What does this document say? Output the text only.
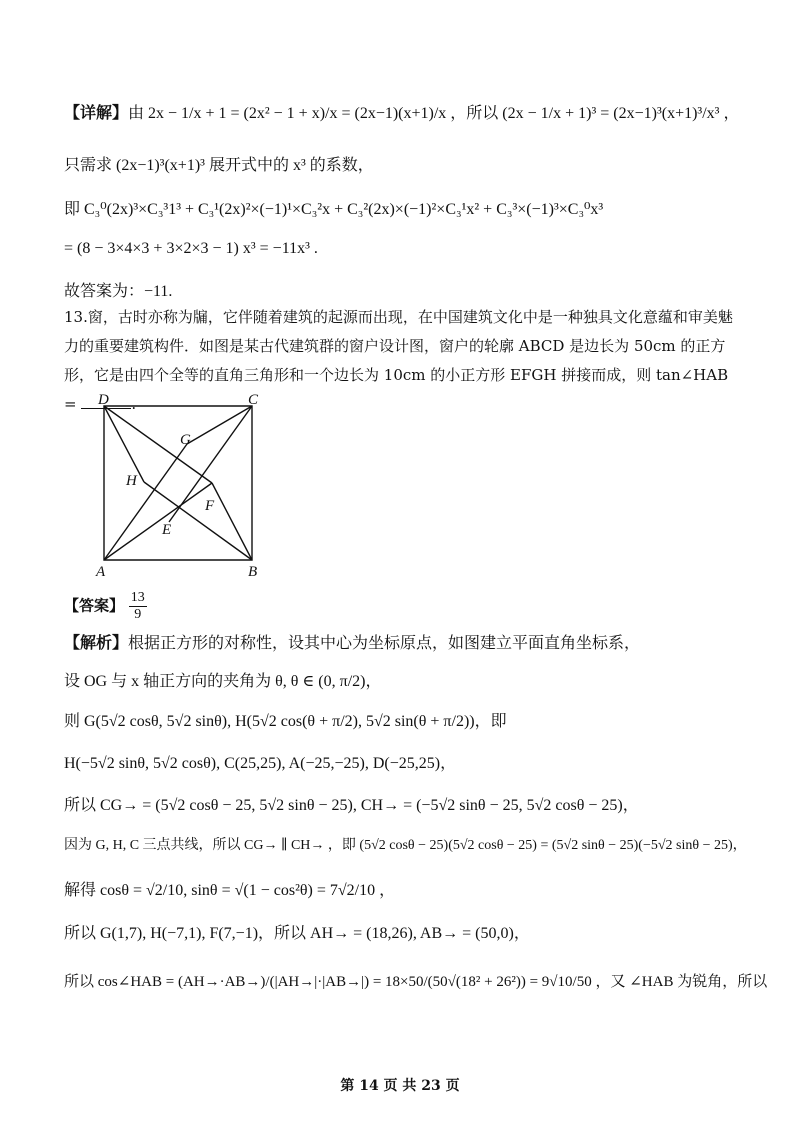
【详解】由 2x − 1/x + 1 = (2x² − 1 + x)/x = (2x−1)(x+1)/x ，所以 (2x − 1/x + 1)³ = (2x−1)³(x+1)³/x³ ，
只需求 (2x−1)³(x+1)³ 展开式中的 x³ 的系数，
即 C₃⁰(2x)³×C₃³1³ + C₃¹(2x)²×(−1)¹×C₃²x + C₃²(2x)×(−1)²×C₃¹x² + C₃³×(−1)³×C₃⁰x³
= (8 − 3×4×3 + 3×2×3 − 1) x³ = −11x³ .
故答案为：−11.
13.窗，古时亦称为牖，它伴随着建筑的起源而出现，在中国建筑文化中是一种独具文化意蕴和审美魅力的重要建筑构件．如图是某古代建筑群的窗户设计图，窗户的轮廓 ABCD 是边长为 50cm 的正方形，它是由四个全等的直角三角形和一个边长为 10cm 的小正方形 EFGH 拼接而成，则 tan∠HAB =	.
D	C
A	B
G
H
F
E
【答案】 $\frac{13}{9}$
【解析】根据正方形的对称性，设其中心为坐标原点，如图建立平面直角坐标系，
设 OG 与 x 轴正方向的夹角为 θ, θ ∈ (0, π/2)，
则 G(5√2 cosθ, 5√2 sinθ), H(5√2 cos(θ + π/2), 5√2 sin(θ + π/2))，即
H(−5√2 sinθ, 5√2 cosθ), C(25,25), A(−25,−25), D(−25,25)，
所以 CG→ = (5√2 cosθ − 25, 5√2 sinθ − 25), CH→ = (−5√2 sinθ − 25, 5√2 cosθ − 25)，
因为 G, H, C 三点共线，所以 CG→ ∥ CH→ ，即 (5√2 cosθ − 25)(5√2 cosθ − 25) = (5√2 sinθ − 25)(−5√2 sinθ − 25)，
解得 cosθ = √2/10, sinθ = √(1 − cos²θ) = 7√2/10 ，
所以 G(1,7), H(−7,1), F(7,−1)，所以 AH→ = (18,26), AB→ = (50,0)，
所以 cos∠HAB = (AH→·AB→)/(|AH→|·|AB→|) = 18×50/(50√(18² + 26²)) = 9√10/50 ，又 ∠HAB 为锐角，所以
第 14 页 共 23 页
